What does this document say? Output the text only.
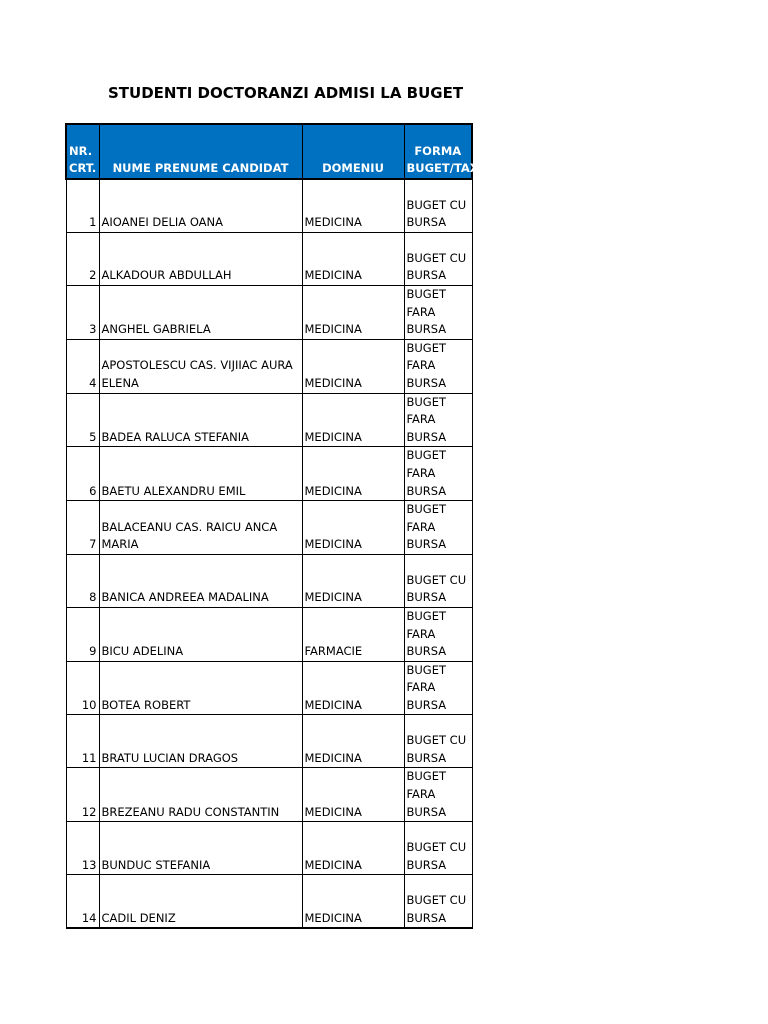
STUDENTI DOCTORANZI ADMISI LA BUGET
NR. CRT.	NUME PRENUME CANDIDAT	DOMENIU	FORMA BUGET/TAXA
1	AIOANEI DELIA OANA	MEDICINA	BUGET CU BURSA
2	ALKADOUR ABDULLAH	MEDICINA	BUGET CU BURSA
3	ANGHEL GABRIELA	MEDICINA	BUGET FARA BURSA
4	APOSTOLESCU CAS. VIJIIAC AURA ELENA	MEDICINA	BUGET FARA BURSA
5	BADEA RALUCA STEFANIA	MEDICINA	BUGET FARA BURSA
6	BAETU ALEXANDRU EMIL	MEDICINA	BUGET FARA BURSA
7	BALACEANU CAS. RAICU ANCA MARIA	MEDICINA	BUGET FARA BURSA
8	BANICA ANDREEA MADALINA	MEDICINA	BUGET CU BURSA
9	BICU ADELINA	FARMACIE	BUGET FARA BURSA
10	BOTEA ROBERT	MEDICINA	BUGET FARA BURSA
11	BRATU LUCIAN DRAGOS	MEDICINA	BUGET CU BURSA
12	BREZEANU RADU CONSTANTIN	MEDICINA	BUGET FARA BURSA
13	BUNDUC STEFANIA	MEDICINA	BUGET CU BURSA
14	CADIL DENIZ	MEDICINA	BUGET CU BURSA
